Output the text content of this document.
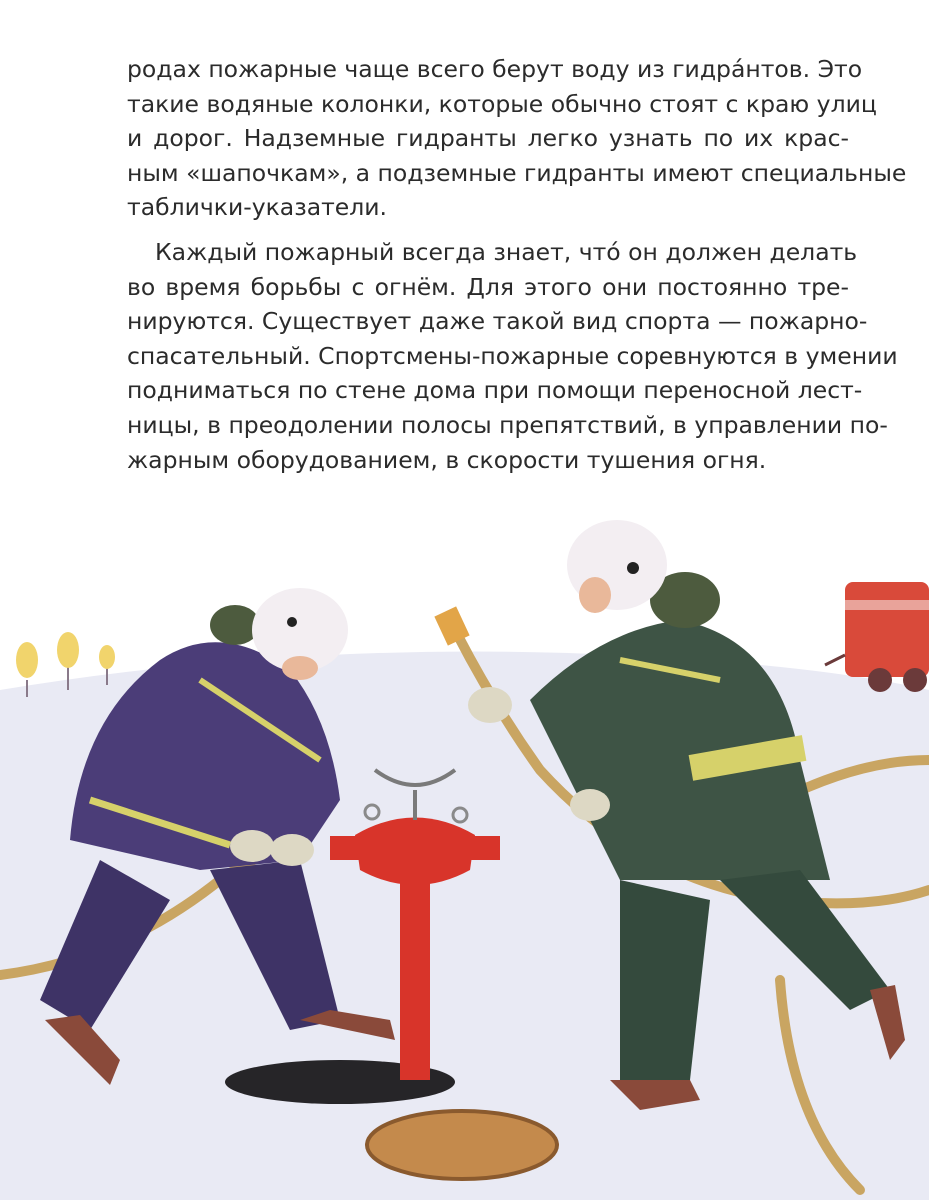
родах пожарные чаще всего берут воду из гидра́нтов. Это
такие водяные колонки, которые обычно стоят с краю улиц
и дорог. Надземные гидранты легко узнать по их крас-
ным «шапочкам», а подземные гидранты имеют специальные
таблички-указатели.

Каждый пожарный всегда знает, что́ он должен делать
во время борьбы с огнём. Для этого они постоянно тре-
нируются. Существует даже такой вид спорта — пожарно-
спасательный. Спортсмены-пожарные соревнуются в умении
подниматься по стене дома при помощи переносной лест-
ницы, в преодолении полосы препятствий, в управлении по-
жарным оборудованием, в скорости тушения огня.
